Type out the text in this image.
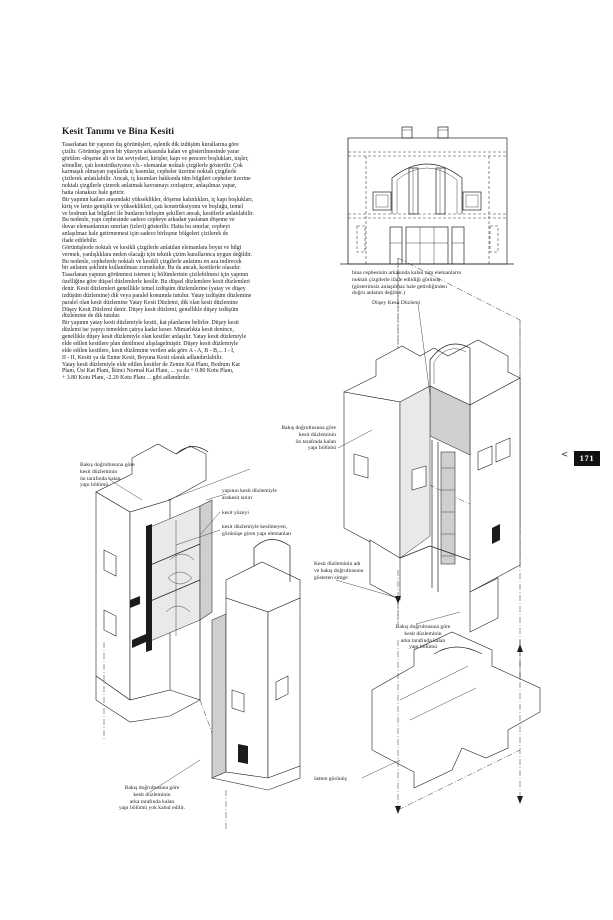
Kesit Tanımı ve Bina Kesiti
Tasarlanan bir yapının dış görünüşleri, eşlenik dik izdüşüm kurallarına göre
çizilir. Görünüşe giren bir yüzeyin arkasında kalan ve gösterilmesinde yarar
görülen -döşeme alt ve üst seviyeleri, kirişler, kapı ve pencere boşlukları, nişler,
sömeller, çatı konstrüksiyonu v.b.- elemanlar noktalı çizgilerle gösterilir. Çok
karmaşık olmayan yapılarda iç kısımlar, cepheler üzerine noktalı çizgilerle
çizilerek anlatılabilir. Ancak, iç kısımları hakkında tüm bilgileri cepheler üzerine
noktalı çizgilerle çizerek anlatmak kavramayı zorlaştırır, anlaşılmaz yapar,
hatta olanaksız hale getirir.
Bir yapının katları arasındaki yükseklikler, döşeme kalınlıkları, iç kapı boşlukları,
kiriş ve lento genişlik ve yükseklikleri, çatı konstrüksiyonu ve boşluğu, temel
ve bodrum kat bilgileri ile bunların birleşim şekilleri ancak, kesitlerle anlatılabilir.
Bu nedenle, yapı cephesinde sadece cepheye arkadan yaslanan döşeme ve
duvar elemanlarının sınırları (izleri) gösterilir. Hatta bu sınırlar, cepheyi
anlaşılmaz hale getirmemesi için sadece birleşme bölgeleri çizilerek de
ifade edilebilir.
Görünüşlerde noktalı ve kesikli çizgilerle anlatılan elemanlara boyut ve bilgi
vermek, yanlışlıklara neden olacağı için teknik çizim kurallarınca uygun değildir.
Bu nedenle, cephelerde noktalı ve kesikli çizgilerle anlatımı en aza indirecek
bir anlatım şeklinin kullanılması zorunludur. Bu da ancak, kesitlerle olasıdır.
Tasarlanan yapının görünmesi istenen iç bölümlerinin çizilebilmesi için yapının
özelliğine göre düşsel düzlemlerle kesilir. Bu düşsel düzlemlere kesit düzlemleri
denir. Kesit düzlemleri genellikle temel izdüşüm düzlemlerine (yatay ve düşey
izdüşüm düzlemine) dik veya paralel konumda tutulur. Yatay izdüşüm düzlemine
paralel olan kesit düzlemine Yatay Kesit Düzlemi, dik olan kesit düzlemine
Düşey Kesit Düzlemi denir. Düşey kesit düzlemi, genellikle düşey izdüşüm
düzlemine de dik tutulur.
Bir yapının yatay kesit düzlemiyle kesiti, kat planlarını belirler. Düşey kesit
düzlemi ise yapıyı temelden çatıya kadar keser. Mimarlıkta kesit denince,
genellikle düşey kesit düzlemiyle olan kesitler anlaşılır. Yatay kesit düzlemiyle
elde edilen kesitlere plan denilmesi alışılagelmiştir. Düşey kesit düzlemiyle
elde edilen kesitlere, kesit düzlemine verilen ada göre A - A, B - B,... I - I,
II - II, Kesiti ya da Enine Kesit, Boyuna Kesit olarak adlandırılabilir.
Yatay kesit düzlemiyle elde edilen kesitler de Zemin Kat Planı, Bodrum Kat
Planı, Üst Kat Planı, İkinci Normal Kat Planı, ... ya da + 0.80 Kotu Planı,
+ 3.80 Kotu Planı, -2.20 Kotu Planı ... gibi adlandırılır.
bina cephesinin arkasında kalan tüm elemanların
noktalı çizgilerle ifade edildiği görünüş
(gösterimsiz anlaşılmaz hale getirdiğinden
doğru anlatım değildir.)
Düşey Kesit Düzlemi
Bakış doğrultusuna göre
kesit düzleminin
ön tarafında kalan
yapı bölümü
yapının kesit düzlemiyle
arakesit sınırı
kesit yüzeyi
kesit düzlemiyle kesilmeyen,
görünüşe giren yapı elemanları
Bakış doğrultusuna göre
kesit düzleminin
ön tarafında kalan
yapı bölümü
Kesit düzleminin adı
ve bakış doğrultusunu
gösteren simge
Bakış doğrultusuna göre
kesit düzleminin
arka tarafında kalan
yapı bölümü
üstten görünüş
Bakış doğrultusuna göre
kesit düzleminin
arka tarafında kalan
yapı bölümü yok kabul edilir.
<	171
